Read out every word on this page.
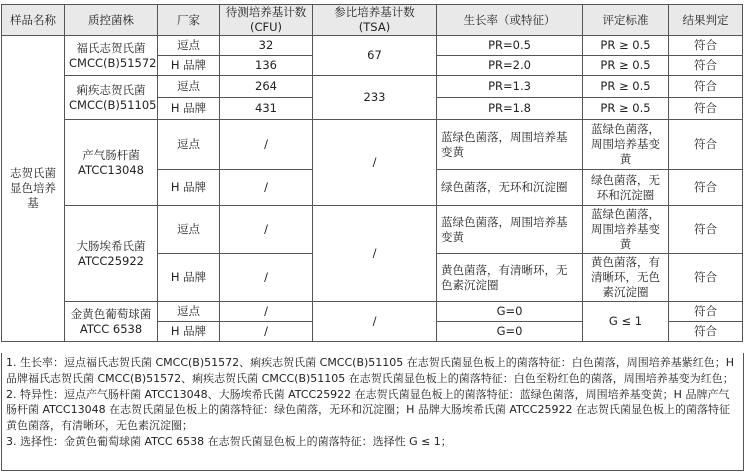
样品名称	质控菌株	厂家	待测培养基计数 (CFU)	参比培养基计数 (TSA)	生长率（或特征）	评定标准	结果判定
志贺氏菌显色培养基	福氏志贺氏菌 CMCC(B)51572	逗点	32	67	PR=0.5	PR ≥ 0.5	符合
		H 品牌	136		PR=2.0	PR ≥ 0.5	符合
	痢疾志贺氏菌 CMCC(B)51105	逗点	264	233	PR=1.3	PR ≥ 0.5	符合
		H 品牌	431		PR=1.8	PR ≥ 0.5	符合
	产气肠杆菌 ATCC13048	逗点	/	/	蓝绿色菌落，周围培养基变黄	蓝绿色菌落，周围培养基变黄	符合
		H 品牌	/		绿色菌落，无环和沉淀圈	绿色菌落，无环和沉淀圈	符合
	大肠埃希氏菌 ATCC25922	逗点	/	/	蓝绿色菌落，周围培养基变黄	蓝绿色菌落，周围培养基变黄	符合
		H 品牌	/		黄色菌落，有清晰环，无色素沉淀圈	黄色菌落，有清晰环，无色素沉淀圈	符合
	金黄色葡萄球菌 ATCC 6538	逗点	/	/	G=0	G ≤ 1	符合
		H 品牌	/		G=0		符合

1. 生长率：逗点福氏志贺氏菌 CMCC(B)51572、痢疾志贺氏菌 CMCC(B)51105 在志贺氏菌显色板上的菌落特征：白色菌落，周围培养基紫红色；H 品牌福氏志贺氏菌 CMCC(B)51572、痢疾志贺氏菌 CMCC(B)51105 在志贺氏菌显色板上的菌落特征：白色至粉红色的菌落，周围培养基变为红色；

2. 特异性：逗点产气肠杆菌 ATCC13048、大肠埃希氏菌 ATCC25922 在志贺氏菌显色板上的菌落特征：蓝绿色菌落，周围培养基变黄；H 品牌产气肠杆菌 ATCC13048 在志贺氏菌显色板上的菌落特征：绿色菌落，无环和沉淀圈；H 品牌大肠埃希氏菌 ATCC25922 在志贺氏菌显色板上的菌落特征黄色菌落，有清晰环，无色素沉淀圈；

3. 选择性：金黄色葡萄球菌 ATCC 6538 在志贺氏菌显色板上的菌落特征：选择性 G ≤ 1；
